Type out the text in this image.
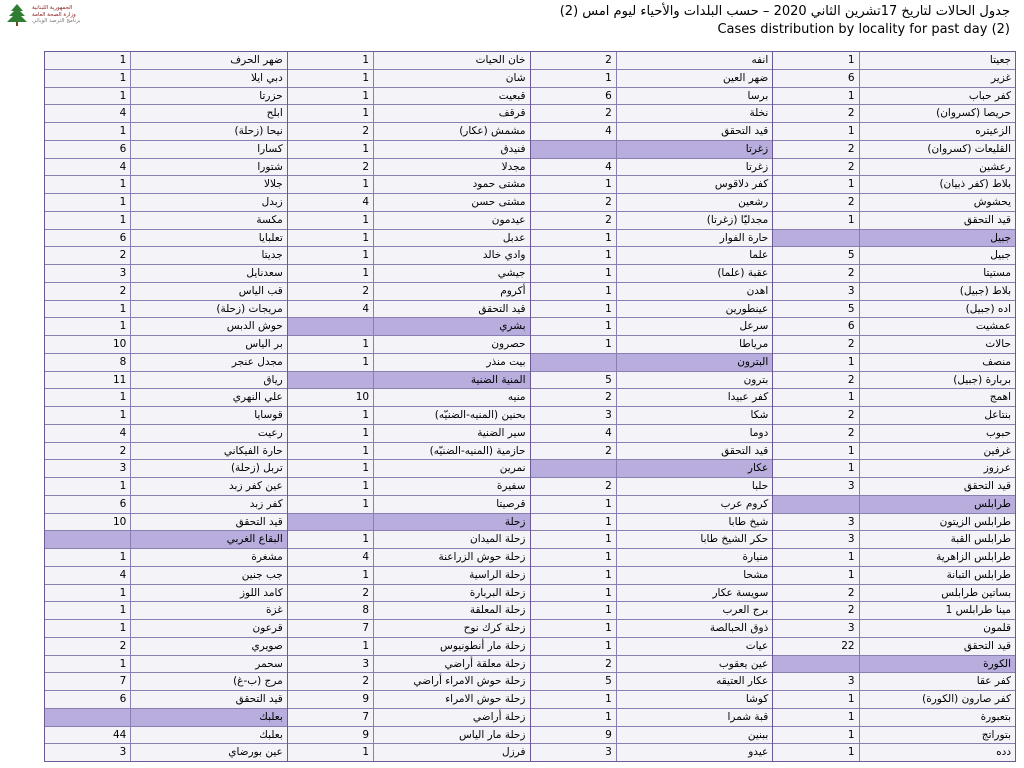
الجمهورية اللبنانية
وزارة الصحة العامة
برنامج الترصد الوبائي
جدول الحالات لتاريخ 17تشرين الثاني 2020 – حسب البلدات والأحياء ليوم امس (2)
Cases distribution by locality for past day (2)
جعيتا
1
غزير
6
كفر حباب
1
حريصا (كسروان)
2
الزعيتره
1
القليعات (كسروان)
2
رعشين
2
بلاط (كفر ذبيان)
1
يحشوش
2
قيد التحقق
1
جبيل
جبيل
5
مستيتا
2
بلاط (جبيل)
3
اده (جبيل)
5
عمشيت
6
حالات
2
منصف
1
بربارة (جبيل)
2
اهمج
1
بنتاعل
2
حبوب
2
غرفين
1
عرزوز
1
قيد التحقق
3
طرابلس
طرابلس الزيتون
3
طرابلس القبة
3
طرابلس الزاهرية
1
طرابلس التبانة
1
بساتين طرابلس
2
مينا طرابلس 1
2
قلمون
3
قيد التحقق
22
الكورة
كفر عقا
3
كفر صارون (الكورة)
1
بتعبورة
1
بتوراتج
1
دده
1
انفه
2
ضهر العين
1
برسا
6
نخلة
2
قيد التحقق
4
زغرتا
زغرتا
4
كفر دلاقوس
1
رشعين
2
مجدليّا (زغرتا)
2
حارة الفوار
1
علما
1
عقبة (علما)
1
اهدن
1
عينطورين
1
سرعل
1
مرياطا
1
البترون
بترون
5
كفر عبيدا
2
شكا
3
دوما
4
قيد التحقق
2
عكار
حلبا
2
كروم عرب
1
شيخ طابا
1
حكر الشيخ طابا
1
منيارة
1
مشحا
1
سويسة عكار
1
برج العرب
1
ذوق الحبالصة
1
عيات
1
عين يعقوب
2
عكار العتيقه
5
كوشا
1
قبة شمرا
1
ببنين
9
عيدو
3
خان الحيات
1
شان
1
قبعيت
1
قرقف
1
مشمش (عكار)
2
فنيدق
1
مجدلا
2
مشتى حمود
1
مشتى حسن
4
عيدمون
1
عدبل
1
وادي خالد
1
جيشي
1
أكروم
2
قيد التحقق
4
بشري
حصرون
1
بيت منذر
1
المنية الضنية
منيه
10
بحنين (المنيه-الضنيّه)
1
سير الضنية
1
حازمية (المنيه-الضنيّه)
1
نمرين
1
سفيرة
1
قرصيتا
1
زحلة
زحلة الميدان
1
زحلة حوش الزراعنة
4
زحلة الراسية
1
زحلة البربارة
2
زحلة المعلقة
8
زحلة كرك نوح
7
زحلة مار أنطونيوس
1
زحلة معلقة أراضي
3
زحلة حوش الامراء أراضي
2
زحلة حوش الامراء
9
زحلة أراضي
7
زحلة مار الياس
9
فرزل
1
ضهر الحرف
1
دبي ايلا
1
حزرتا
1
ابلح
4
نيحا (زحلة)
1
كسارا
6
شتورا
4
جلالا
1
زبدل
1
مكسة
1
تعلبايا
6
جديتا
2
سعدنايل
3
قب الياس
2
مريجات (زحلة)
1
حوش الدبس
1
بر الياس
10
مجدل عنجر
8
رياق
11
علي النهري
1
قوسايا
1
رعيت
4
حارة الفيكاني
2
تربل (زحلة)
3
عين كفر زبد
1
كفر زبد
6
قيد التحقق
10
البقاع الغربي
مشغرة
1
جب جنين
4
كامد اللوز
1
غزة
1
قرعون
1
صويري
2
سحمر
1
مرج (ب-غ)
7
قيد التحقق
6
بعلبك
بعلبك
44
عين بورضاي
3
